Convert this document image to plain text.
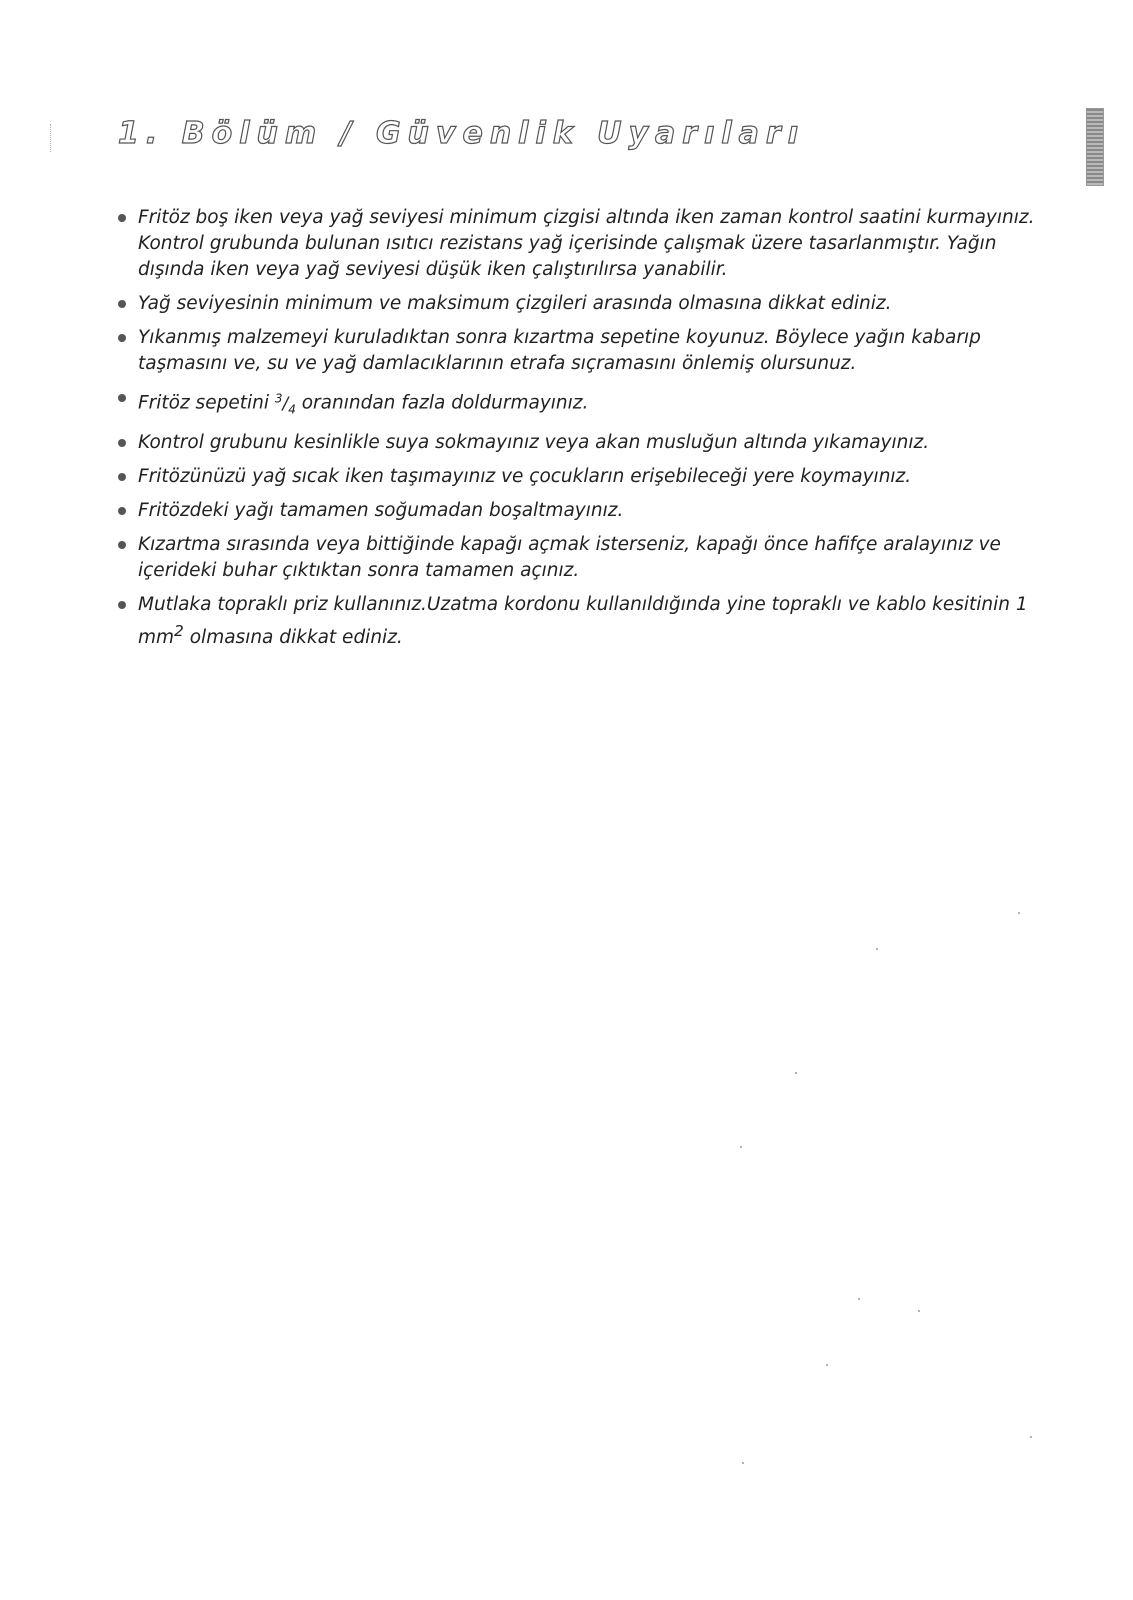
1. Bölüm / Güvenlik Uyarıları
Fritöz boş iken veya yağ seviyesi minimum çizgisi altında iken zaman kontrol saatini kurmayınız. Kontrol grubunda bulunan ısıtıcı rezistans yağ içerisinde çalışmak üzere tasarlanmıştır. Yağın dışında iken veya yağ seviyesi düşük iken çalıştırılırsa yanabilir.
Yağ seviyesinin minimum ve maksimum çizgileri arasında olmasına dikkat ediniz.
Yıkanmış malzemeyi kuruladıktan sonra kızartma sepetine koyunuz. Böylece yağın kabarıp taşmasını ve, su ve yağ damlacıklarının etrafa sıçramasını önlemiş olursunuz.
Fritöz sepetini $^3/_4$ oranından fazla doldurmayınız.
Kontrol grubunu kesinlikle suya sokmayınız veya akan musluğun altında yıkamayınız.
Fritözünüzü yağ sıcak iken taşımayınız ve çocukların erişebileceği yere koymayınız.
Fritözdeki yağı tamamen soğumadan boşaltmayınız.
Kızartma sırasında veya bittiğinde kapağı açmak isterseniz, kapağı önce hafifçe aralayınız ve içerideki buhar çıktıktan sonra tamamen açınız.
Mutlaka topraklı priz kullanınız.Uzatma kordonu kullanıldığında yine topraklı ve kablo kesitinin 1 $mm^2$ olmasına dikkat ediniz.
